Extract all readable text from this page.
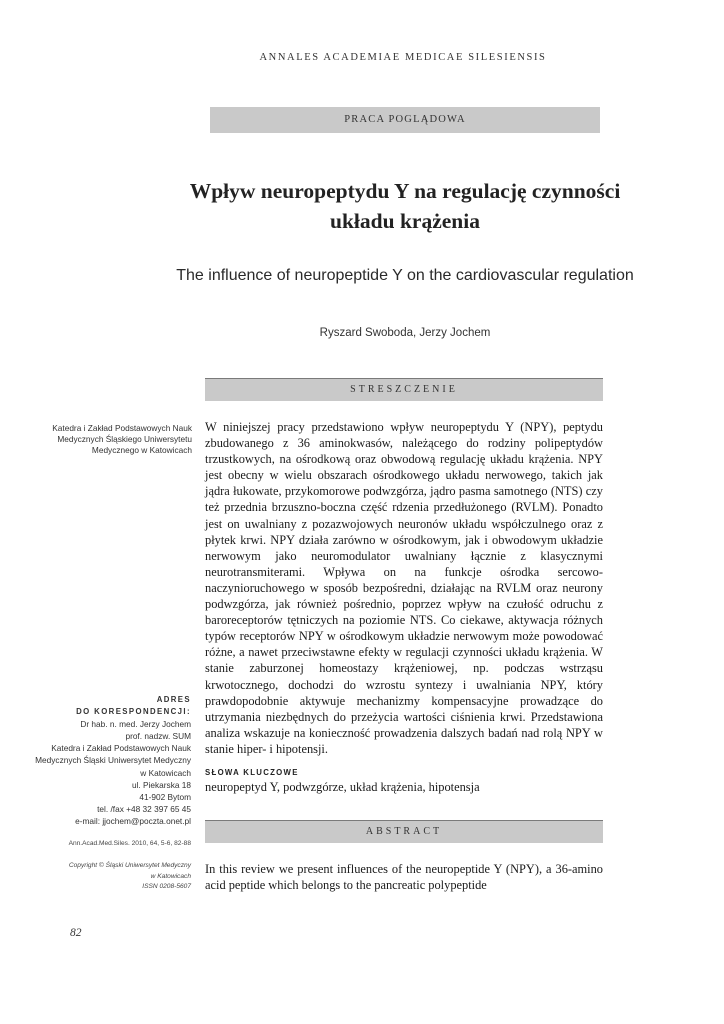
ANNALES ACADEMIAE MEDICAE SILESIENSIS
PRACA POGLĄDOWA
Wpływ neuropeptydu Y na regulację czynności układu krążenia
The influence of neuropeptide Y on the cardiovascular regulation
Ryszard Swoboda, Jerzy Jochem
STRESZCZENIE
Katedra i Zakład Podstawowych Nauk Medycznych Śląskiego Uniwersytetu Medycznego w Katowicach
W niniejszej pracy przedstawiono wpływ neuropeptydu Y (NPY), peptydu zbudowanego z 36 aminokwasów, należącego do rodziny polipeptydów trzustkowych, na ośrodkową oraz obwodową regulację układu krążenia. NPY jest obecny w wielu obszarach ośrodkowego układu nerwowego, takich jak jądra łukowate, przykomorowe podwzgórza, jądro pasma samotnego (NTS) czy też przednia brzuszno-boczna część rdzenia przedłużonego (RVLM). Ponadto jest on uwalniany z pozazwojowych neuronów układu współczulnego oraz z płytek krwi. NPY działa zarówno w ośrodkowym, jak i obwodowym układzie nerwowym jako neuromodulator uwalniany łącznie z klasycznymi neurotransmiterami. Wpływa on na funkcje ośrodka sercowo-naczynioruchowego w sposób bezpośredni, działając na RVLM oraz neurony podwzgórza, jak również pośrednio, poprzez wpływ na czułość odruchu z baroreceptorów tętniczych na poziomie NTS. Co ciekawe, aktywacja różnych typów receptorów NPY w ośrodkowym układzie nerwowym może powodować różne, a nawet przeciwstawne efekty w regulacji czynności układu krążenia. W stanie zaburzonej homeostazy krążeniowej, np. podczas wstrząsu krwotocznego, dochodzi do wzrostu syntezy i uwalniania NPY, który prawdopodobnie aktywuje mechanizmy kompensacyjne prowadzące do utrzymania niezbędnych do przeżycia wartości ciśnienia krwi. Przedstawiona analiza wskazuje na konieczność prowadzenia dalszych badań nad rolą NPY w stanie hiper- i hipotensji.
ADRES
DO KORESPONDENCJI:
Dr hab. n. med. Jerzy Jochem
prof. nadzw. SUM
Katedra i Zakład Podstawowych Nauk
Medycznych Śląski Uniwersytet Medyczny
w Katowicach
ul. Piekarska 18
41-902 Bytom
tel. /fax +48 32 397 65 45
e-mail: jjochem@poczta.onet.pl
SŁOWA KLUCZOWE
neuropeptyd Y, podwzgórze, układ krążenia, hipotensja
ABSTRACT
Ann.Acad.Med.Siles. 2010, 64, 5-6, 82-88
Copyright © Śląski Uniwersytet Medyczny
w Katowicach
ISSN 0208-5607
In this review we present influences of the neuropeptide Y (NPY), a 36-amino acid peptide which belongs to the pancreatic polypeptide
82
